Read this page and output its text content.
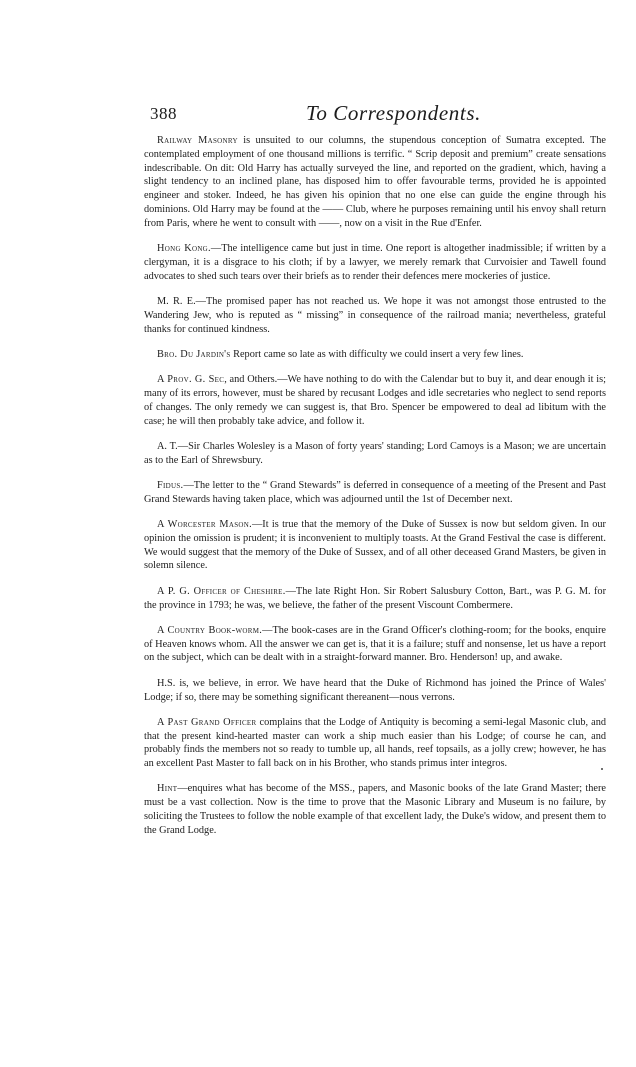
388	To Correspondents.

Railway Masonry is unsuited to our columns, the stupendous conception of Sumatra excepted. The contemplated employment of one thousand millions is terrific. “ Scrip deposit and premium” create sensations indescribable. On dit: Old Harry has actually surveyed the line, and reported on the gradient, which, having a slight tendency to an inclined plane, has disposed him to offer favourable terms, provided he is appointed engineer and stoker. Indeed, he has given his opinion that no one else can guide the engine through his dominions. Old Harry may be found at the —— Club, where he purposes remaining until his envoy shall return from Paris, where he went to consult with ——, now on a visit in the Rue d'Enfer.

Hong Kong.—The intelligence came but just in time. One report is altogether inadmissible; if written by a clergyman, it is a disgrace to his cloth; if by a lawyer, we merely remark that Curvoisier and Tawell found advocates to shed such tears over their briefs as to render their defences mere mockeries of justice.

M. R. E.—The promised paper has not reached us. We hope it was not amongst those entrusted to the Wandering Jew, who is reputed as “ missing” in consequence of the railroad mania; nevertheless, grateful thanks for continued kindness.

Bro. Du Jardin's Report came so late as with difficulty we could insert a very few lines.

A Prov. G. Sec, and Others.—We have nothing to do with the Calendar but to buy it, and dear enough it is; many of its errors, however, must be shared by recusant Lodges and idle secretaries who neglect to send reports of changes. The only remedy we can suggest is, that Bro. Spencer be empowered to deal ad libitum with the case; he will then probably take advice, and follow it.

A. T.—Sir Charles Wolesley is a Mason of forty years' standing; Lord Camoys is a Mason; we are uncertain as to the Earl of Shrewsbury.

Fidus.—The letter to the “ Grand Stewards” is deferred in consequence of a meeting of the Present and Past Grand Stewards having taken place, which was adjourned until the 1st of December next.

A Worcester Mason.—It is true that the memory of the Duke of Sussex is now but seldom given. In our opinion the omission is prudent; it is inconvenient to multiply toasts. At the Grand Festival the case is different. We would suggest that the memory of the Duke of Sussex, and of all other deceased Grand Masters, be given in solemn silence.

A P. G. Officer of Cheshire.—The late Right Hon. Sir Robert Salusbury Cotton, Bart., was P. G. M. for the province in 1793; he was, we believe, the father of the present Viscount Combermere.

A Country Book-worm.—The book-cases are in the Grand Officer's clothing-room; for the books, enquire of Heaven knows whom. All the answer we can get is, that it is a failure; stuff and nonsense, let us have a report on the subject, which can be dealt with in a straight-forward manner. Bro. Henderson! up, and awake.

H.S. is, we believe, in error. We have heard that the Duke of Richmond has joined the Prince of Wales' Lodge; if so, there may be something significant thereanent—nous verrons.

A Past Grand Officer complains that the Lodge of Antiquity is becoming a semi-legal Masonic club, and that the present kind-hearted master can work a ship much easier than his Lodge; of course he can, and probably finds the members not so ready to tumble up, all hands, reef topsails, as a jolly crew; however, he has an excellent Past Master to fall back on in his Brother, who stands primus inter integros.

Hint—enquires what has become of the MSS., papers, and Masonic books of the late Grand Master; there must be a vast collection. Now is the time to prove that the Masonic Library and Museum is no failure, by soliciting the Trustees to follow the noble example of that excellent lady, the Duke's widow, and present them to the Grand Lodge.
